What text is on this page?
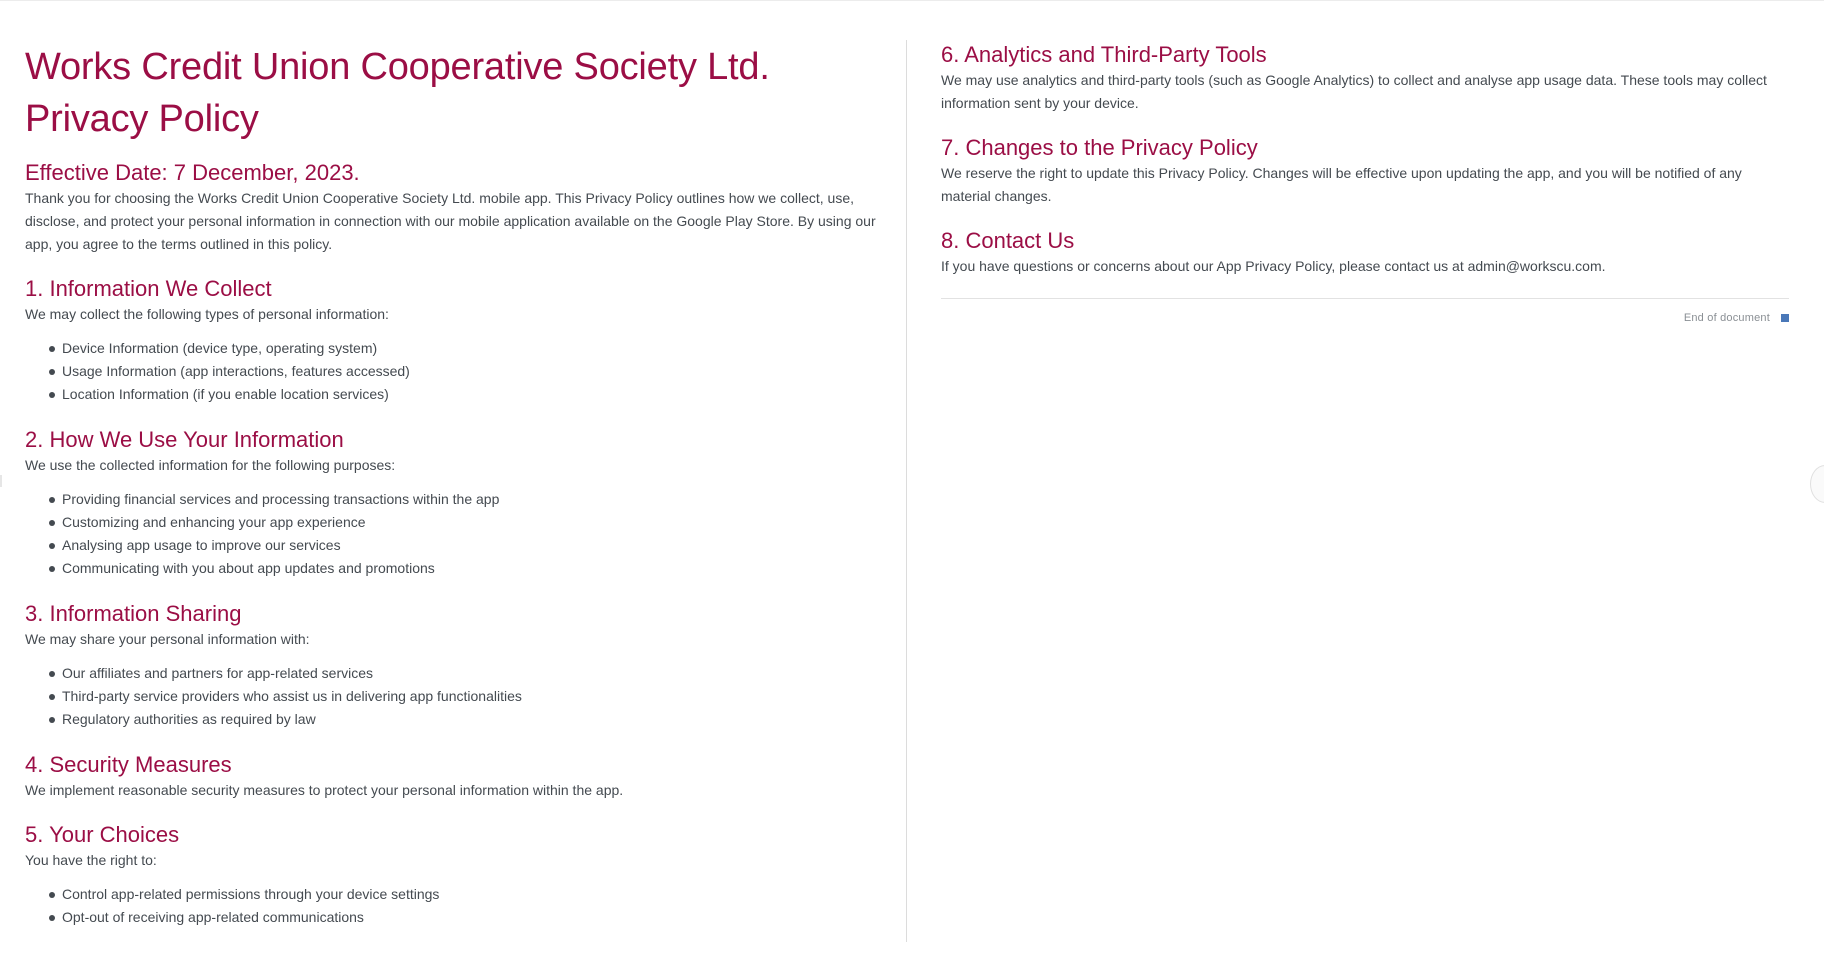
Works Credit Union Cooperative Society Ltd. Privacy Policy
Effective Date: 7 December, 2023.

Thank you for choosing the Works Credit Union Cooperative Society Ltd. mobile app. This Privacy Policy outlines how we collect, use, disclose, and protect your personal information in connection with our mobile application available on the Google Play Store. By using our app, you agree to the terms outlined in this policy.

1. Information We Collect

We may collect the following types of personal information:

Device Information (device type, operating system)
Usage Information (app interactions, features accessed)
Location Information (if you enable location services)
2. How We Use Your Information

We use the collected information for the following purposes:

Providing financial services and processing transactions within the app
Customizing and enhancing your app experience
Analysing app usage to improve our services
Communicating with you about app updates and promotions
3. Information Sharing

We may share your personal information with:

Our affiliates and partners for app-related services
Third-party service providers who assist us in delivering app functionalities
Regulatory authorities as required by law
4. Security Measures

We implement reasonable security measures to protect your personal information within the app.

5. Your Choices

You have the right to:

Control app-related permissions through your device settings
Opt-out of receiving app-related communications
6. Analytics and Third-Party Tools

We may use analytics and third-party tools (such as Google Analytics) to collect and analyse app usage data. These tools may collect information sent by your device.

7. Changes to the Privacy Policy

We reserve the right to update this Privacy Policy. Changes will be effective upon updating the app, and you will be notified of any material changes.

8. Contact Us

If you have questions or concerns about our App Privacy Policy, please contact us at admin@workscu.com.

End of document
